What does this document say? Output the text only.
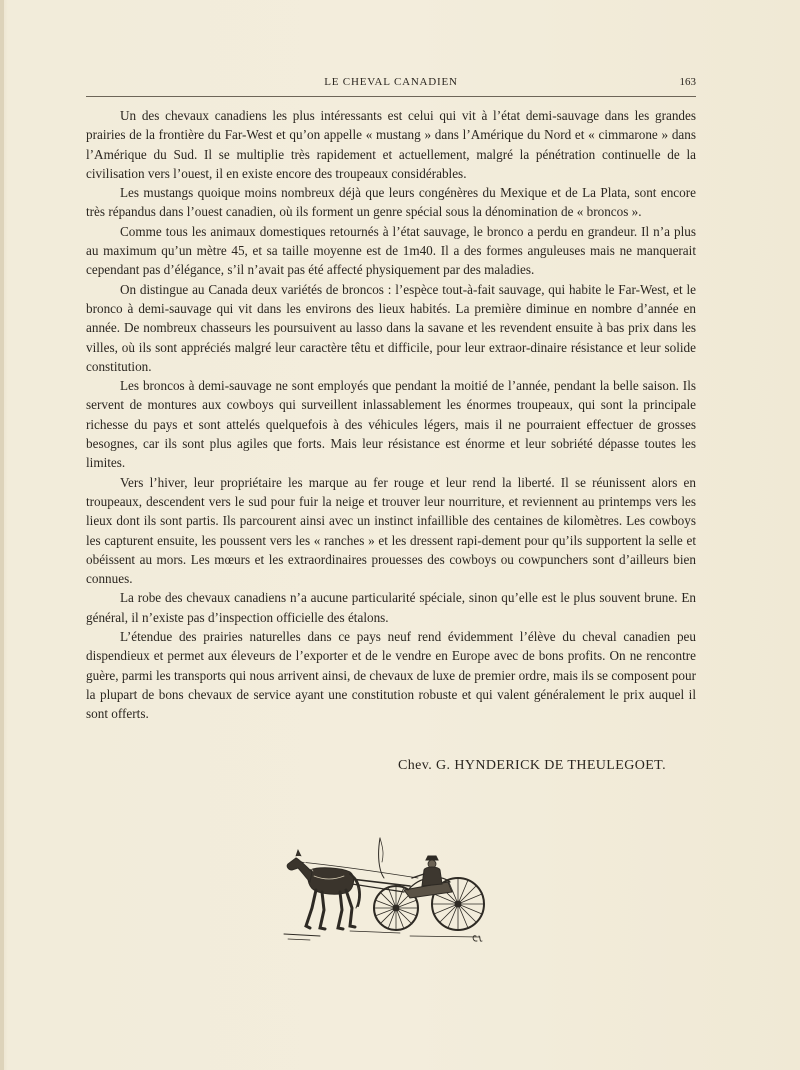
LE CHEVAL CANADIEN	163

Un des chevaux canadiens les plus intéressants est celui qui vit à l’état demi-sauvage dans les grandes prairies de la frontière du Far-West et qu’on appelle « mustang » dans l’Amérique du Nord et « cimmarone » dans l’Amérique du Sud. Il se multiplie très rapidement et actuellement, malgré la pénétration continuelle de la civilisation vers l’ouest, il en existe encore des troupeaux considérables.

Les mustangs quoique moins nombreux déjà que leurs congénères du Mexique et de La Plata, sont encore très répandus dans l’ouest canadien, où ils forment un genre spécial sous la dénomination de « broncos ».

Comme tous les animaux domestiques retournés à l’état sauvage, le bronco a perdu en grandeur. Il n’a plus au maximum qu’un mètre 45, et sa taille moyenne est de 1m40. Il a des formes anguleuses mais ne manquerait cependant pas d’élégance, s’il n’avait pas été affecté physiquement par des maladies.

On distingue au Canada deux variétés de broncos : l’espèce tout-à-fait sauvage, qui habite le Far-West, et le bronco à demi-sauvage qui vit dans les environs des lieux habités. La première diminue en nombre d’année en année. De nombreux chasseurs les poursuivent au lasso dans la savane et les revendent ensuite à bas prix dans les villes, où ils sont appréciés malgré leur caractère têtu et difficile, pour leur extraor-dinaire résistance et leur solide constitution.

Les broncos à demi-sauvage ne sont employés que pendant la moitié de l’année, pendant la belle saison. Ils servent de montures aux cowboys qui surveillent inlassablement les énormes troupeaux, qui sont la principale richesse du pays et sont attelés quelquefois à des véhicules légers, mais il ne pourraient effectuer de grosses besognes, car ils sont plus agiles que forts. Mais leur résistance est énorme et leur sobriété dépasse toutes les limites.

Vers l’hiver, leur propriétaire les marque au fer rouge et leur rend la liberté. Il se réunissent alors en troupeaux, descendent vers le sud pour fuir la neige et trouver leur nourriture, et reviennent au printemps vers les lieux dont ils sont partis. Ils parcourent ainsi avec un instinct infaillible des centaines de kilomètres. Les cowboys les capturent ensuite, les poussent vers les « ranches » et les dressent rapi-dement pour qu’ils supportent la selle et obéissent au mors. Les mœurs et les extraordinaires prouesses des cowboys ou cowpunchers sont d’ailleurs bien connues.

La robe des chevaux canadiens n’a aucune particularité spéciale, sinon qu’elle est le plus souvent brune. En général, il n’existe pas d’inspection officielle des étalons.

L’étendue des prairies naturelles dans ce pays neuf rend évidemment l’élève du cheval canadien peu dispendieux et permet aux éleveurs de l’exporter et de le vendre en Europe avec de bons profits. On ne rencontre guère, parmi les transports qui nous arrivent ainsi, de chevaux de luxe de premier ordre, mais ils se composent pour la plupart de bons chevaux de service ayant une constitution robuste et qui valent généralement le prix auquel il sont offerts.

Chev. G. HYNDERICK DE THEULEGOET.
